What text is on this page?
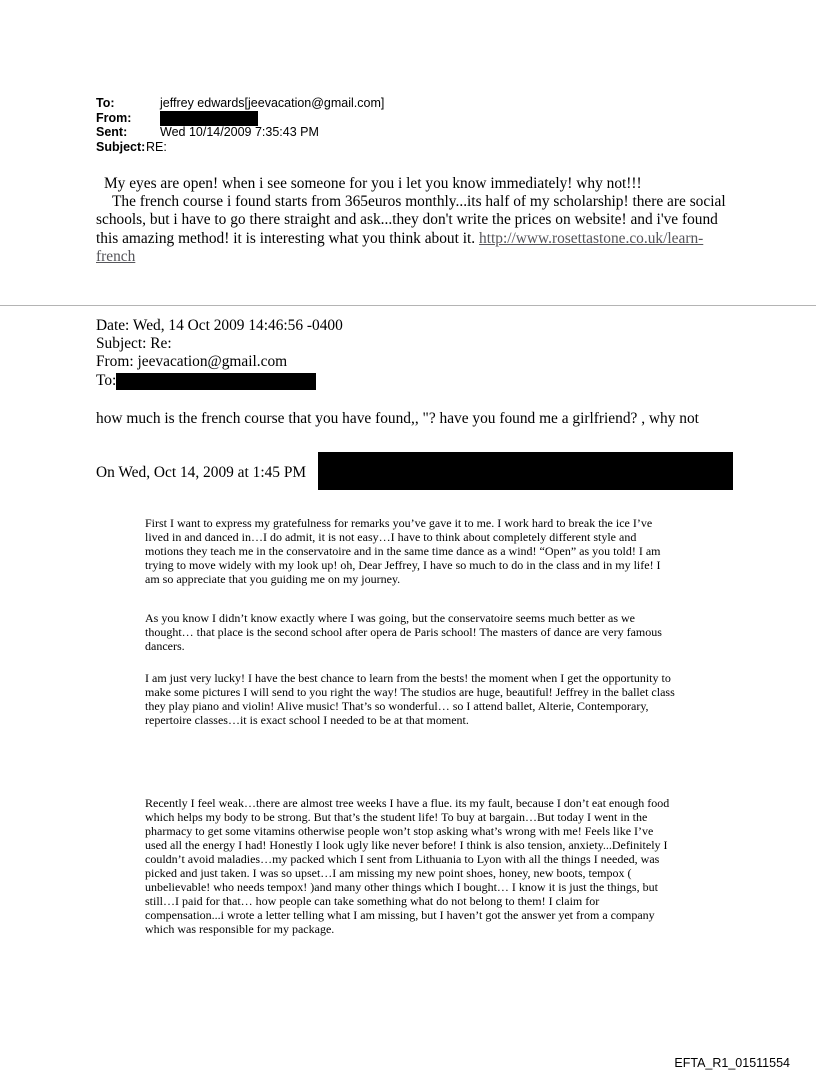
To:	jeffrey edwards[jeevacation@gmail.com]
From:
Sent:	Wed 10/14/2009 7:35:43 PM
Subject: RE:

My eyes are open! when i see someone for you i let you know immediately! why not!!!

The french course i found starts from 365euros monthly...its half of my scholarship! there are social schools, but i have to go there straight and ask...they don't write the prices on website! and i've found this amazing method! it is interesting what you think about it. http://www.rosettastone.co.uk/learn-french

Date: Wed, 14 Oct 2009 14:46:56 -0400
Subject: Re:
From: jeevacation@gmail.com
To:
how much is the french course that you have found,, "? have you found me a girlfriend? , why not
On Wed, Oct 14, 2009 at 1:45 PM	wrote:

First I want to express my gratefulness for remarks you’ve gave it to me. I work hard to break the ice I’ve lived in and danced in…I do admit, it is not easy…I have to think about completely different style and motions they teach me in the conservatoire and in the same time dance as a wind! “Open” as you told! I am trying to move widely with my look up! oh, Dear Jeffrey, I have so much to do in the class and in my life! I am so appreciate that you guiding me on my journey.

As you know I didn’t know exactly where I was going, but the conservatoire seems much better as we thought… that place is the second school after opera de Paris school! The masters of dance are very famous dancers.

I am just very lucky! I have the best chance to learn from the bests! the moment when I get the opportunity to make some pictures I will send to you right the way! The studios are huge, beautiful! Jeffrey in the ballet class they play piano and violin! Alive music! That’s so wonderful… so I attend ballet, Alterie, Contemporary, repertoire classes…it is exact school I needed to be at that moment.

Recently I feel weak…there are almost tree weeks I have a flue. its my fault, because I don’t eat enough food which helps my body to be strong. But that’s the student life! To buy at bargain…But today I went in the pharmacy to get some vitamins otherwise people won’t stop asking what’s wrong with me! Feels like I’ve used all the energy I had! Honestly I look ugly like never before! I think is also tension, anxiety...Definitely I couldn’t avoid maladies…my packed which I sent from Lithuania to Lyon with all the things I needed, was picked and just taken. I was so upset…I am missing my new point shoes, honey, new boots, tempox ( unbelievable! who needs tempox! )and many other things which I bought… I know it is just the things, but still…I paid for that… how people can take something what do not belong to them! I claim for compensation...i wrote a letter telling what I am missing, but I haven’t got the answer yet from a company which was responsible for my package.

EFTA_R1_01511554
